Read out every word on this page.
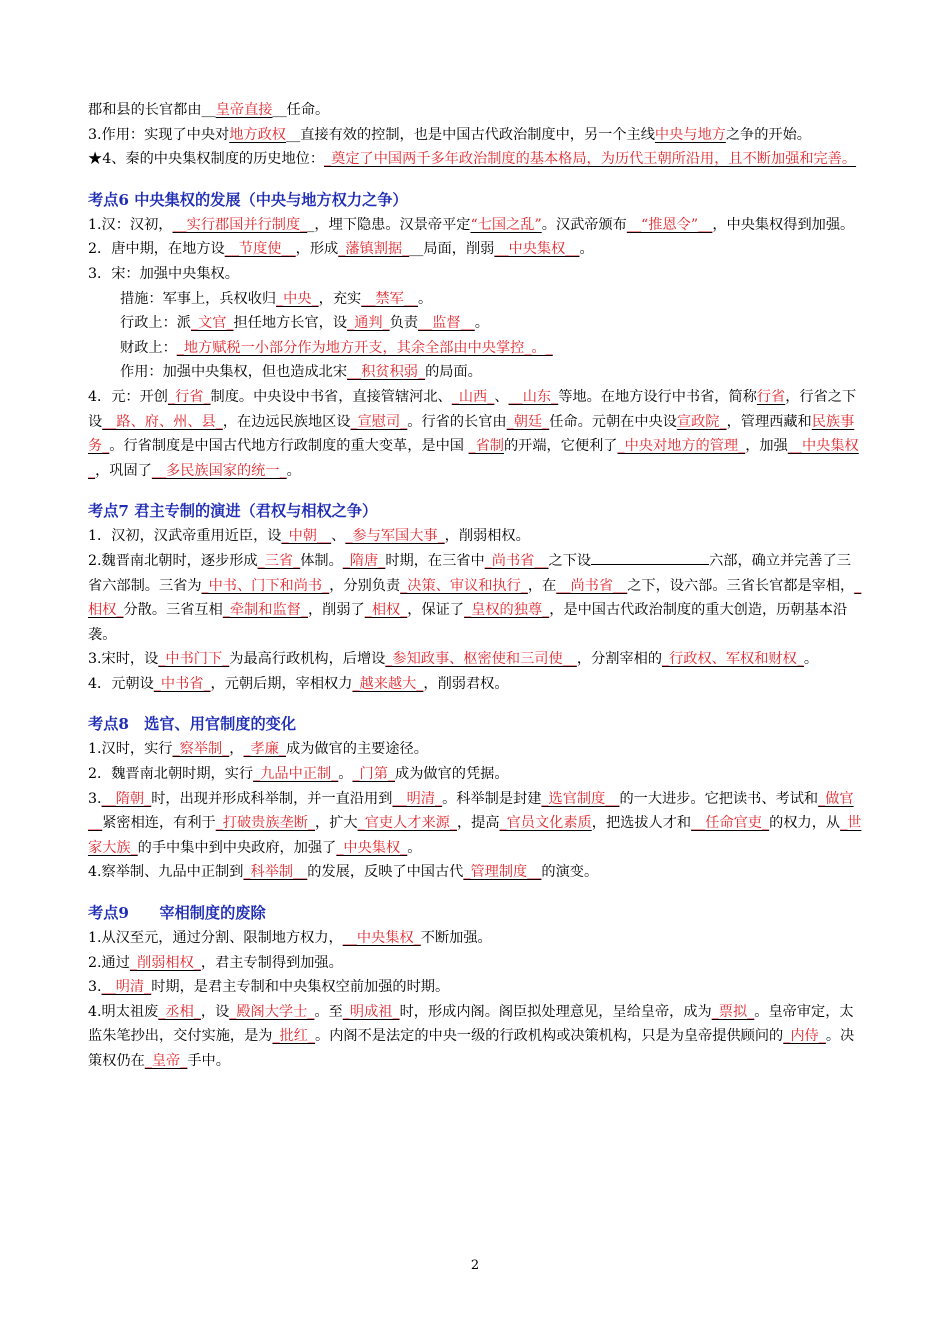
郡和县的长官都由__皇帝直接__任命。

3.作用：实现了中央对地方政权__直接有效的控制，也是中国古代政治制度中，另一个主线中央与地方之争的开始。

★4、秦的中央集权制度的历史地位：_奠定了中国两千多年政治制度的基本格局，为历代王朝所沿用，且不断加强和完善。

考点6 中央集权的发展（中央与地方权力之争）

1.汉：汉初，__实行郡国并行制度__，埋下隐患。汉景帝平定“七国之乱”。汉武帝颁布__“推恩令”__，中央集权得到加强。

2．唐中期，在地方设__节度使__，形成_藩镇割据___局面，削弱__中央集权__。

3．宋：加强中央集权。

措施：军事上，兵权收归_中央_，充实__禁军__。

行政上：派_文官_担任地方长官，设_通判_负责__监督__。

财政上：_地方赋税一小部分作为地方开支，其余全部由中央掌控_。_

作用：加强中央集权，但也造成北宋__积贫积弱_的局面。

4．元：开创_行省_制度。中央设中书省，直接管辖河北、_山西_、__山东_等地。在地方设行中书省，简称行省，行省之下设__路、府、州、县_，在边远民族地区设_宣慰司_。行省的长官由_朝廷_任命。元朝在中央设宣政院_，管理西藏和民族事务_。行省制度是中国古代地方行政制度的重大变革，是中国 _省制的开端，它便利了_中央对地方的管理_，加强__中央集权_，巩固了__多民族国家的统一_。

考点7 君主专制的演进（君权与相权之争）

1．汉初，汉武帝重用近臣，设_中朝__、_参与军国大事_，削弱相权。

2.魏晋南北朝时，逐步形成_三省_体制。_隋唐_时期，在三省中_尚书省__之下设	六部，确立并完善了三省六部制。三省为_中书、门下和尚书_，分别负责_决策、审议和执行_，在__尚书省__之下，设六部。三省长官都是宰相，_相权_分散。三省互相_牵制和监督_，削弱了_相权_，保证了_皇权的独尊_，是中国古代政治制度的重大创造，历朝基本沿袭。

3.宋时，设_中书门下_为最高行政机构，后增设_参知政事、枢密使和三司使__，分割宰相的_行政权、军权和财权_。

4．元朝设_中书省_，元朝后期，宰相权力_越来越大_，削弱君权。

考点8　选官、用官制度的变化

1.汉时，实行_察举制_，_孝廉_成为做官的主要途径。

2．魏晋南北朝时期，实行_九品中正制_。_门第_成为做官的凭据。

3.__隋朝_时，出现并形成科举制，并一直沿用到__明清_。科举制是封建_选官制度__的一大进步。它把读书、考试和_做官__紧密相连，有利于_打破贵族垄断_，扩大_官吏人才来源_，提高_官员文化素质，把选拔人才和__任命官吏_的权力，从_世家大族_的手中集中到中央政府，加强了_中央集权_。

4.察举制、九品中正制到_科举制__的发展，反映了中国古代_管理制度__的演变。

考点9　　宰相制度的废除

1.从汉至元，通过分割、限制地方权力，__中央集权_不断加强。

2.通过_削弱相权_，君主专制得到加强。

3.__明清_时期，是君主专制和中央集权空前加强的时期。

4.明太祖废_丞相_，设_殿阁大学士_。至_明成祖_时，形成内阁。阁臣拟处理意见，呈给皇帝，成为_票拟_。皇帝审定，太监朱笔抄出，交付实施，是为_批红_。内阁不是法定的中央一级的行政机构或决策机构，只是为皇帝提供顾问的_内侍_。决策权仍在_皇帝_手中。

2
